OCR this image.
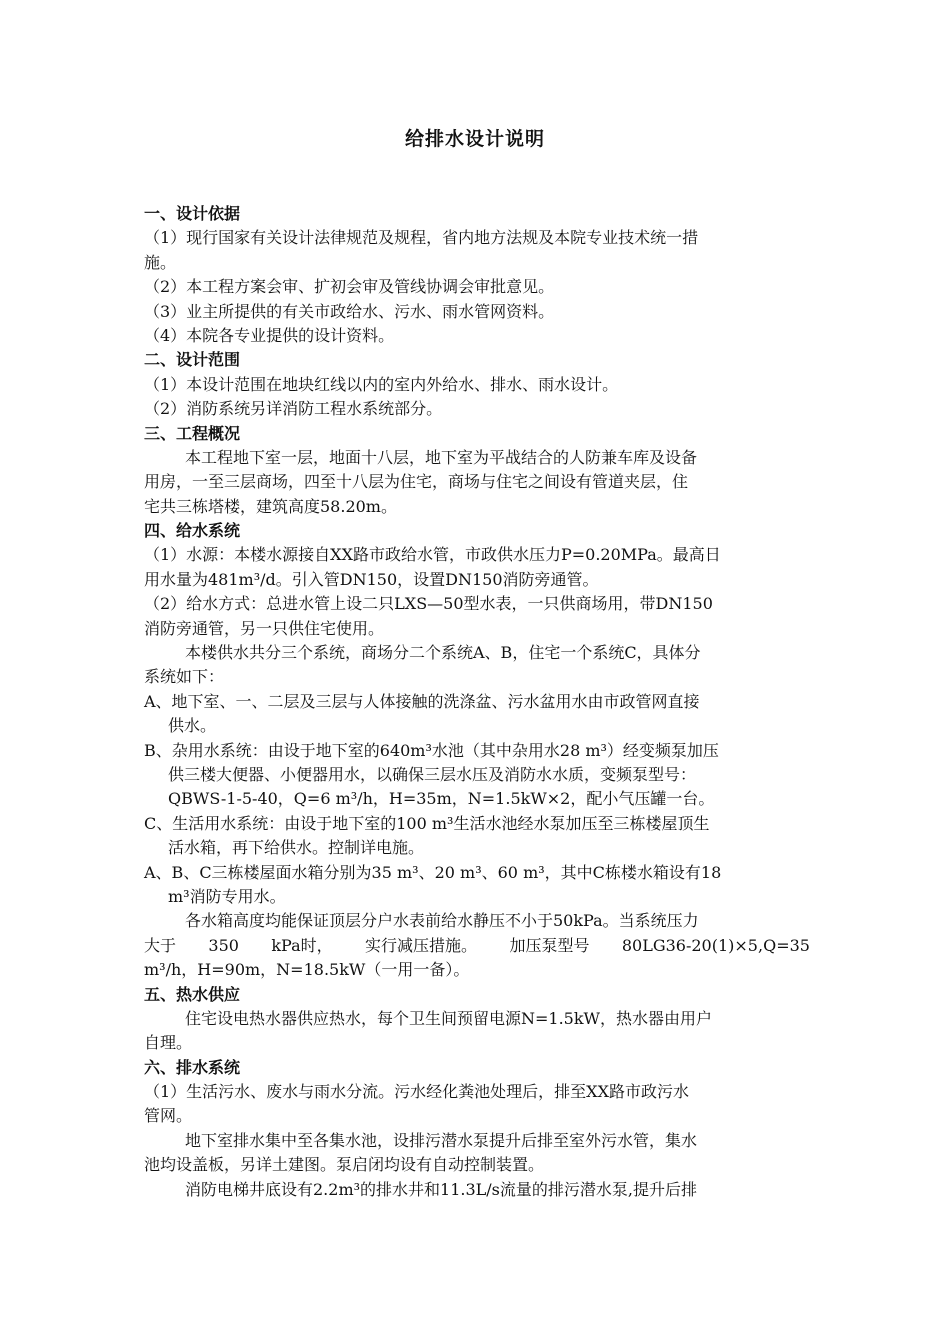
给排水设计说明
一、设计依据
（1）现行国家有关设计法律规范及规程，省内地方法规及本院专业技术统一措
施。
（2）本工程方案会审、扩初会审及管线协调会审批意见。
（3）业主所提供的有关市政给水、污水、雨水管网资料。
（4）本院各专业提供的设计资料。
二、设计范围
（1）本设计范围在地块红线以内的室内外给水、排水、雨水设计。
（2）消防系统另详消防工程水系统部分。
三、工程概况
本工程地下室一层，地面十八层，地下室为平战结合的人防兼车库及设备
用房，一至三层商场，四至十八层为住宅，商场与住宅之间设有管道夹层，住
宅共三栋塔楼，建筑高度58.20m。
四、给水系统
（1）水源：本楼水源接自XX路市政给水管，市政供水压力P=0.20MPa。最高日
用水量为481m³/d。引入管DN150，设置DN150消防旁通管。
（2）给水方式：总进水管上设二只LXS—50型水表，一只供商场用，带DN150
消防旁通管，另一只供住宅使用。
本楼供水共分三个系统，商场分二个系统A、B，住宅一个系统C，具体分
系统如下：
A、地下室、一、二层及三层与人体接触的洗涤盆、污水盆用水由市政管网直接
供水。
B、杂用水系统：由设于地下室的640m³水池（其中杂用水28 m³）经变频泵加压
供三楼大便器、小便器用水，以确保三层水压及消防水水质，变频泵型号：
QBWS-1-5-40，Q=6 m³/h，H=35m，N=1.5kW×2，配小气压罐一台。
C、生活用水系统：由设于地下室的100 m³生活水池经水泵加压至三栋楼屋顶生
活水箱，再下给供水。控制详电施。
A、B、C三栋楼屋面水箱分别为35 m³、20 m³、60 m³，其中C栋楼水箱设有18
m³消防专用水。
各水箱高度均能保证顶层分户水表前给水静压不小于50kPa。当系统压力
大于 350 kPa时， 实行减压措施。 加压泵型号 80LG36-20(1)×5,Q=35
m³/h，H=90m，N=18.5kW（一用一备）。
五、热水供应
住宅设电热水器供应热水，每个卫生间预留电源N=1.5kW，热水器由用户
自理。
六、排水系统
（1）生活污水、废水与雨水分流。污水经化粪池处理后，排至XX路市政污水
管网。
地下室排水集中至各集水池，设排污潜水泵提升后排至室外污水管，集水
池均设盖板，另详土建图。泵启闭均设有自动控制装置。
消防电梯井底设有2.2m³的排水井和11.3L/s流量的排污潜水泵,提升后排
